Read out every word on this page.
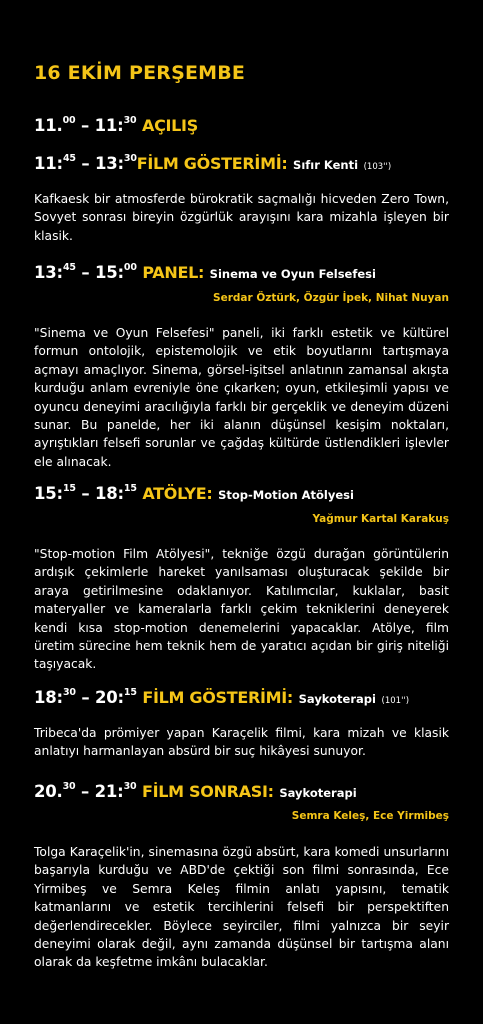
16 EKİM PERŞEMBE
11.00 – 11:$^{30}$ AÇILIŞ
11:$^{45}$ – 13:$^{30}$FİLM GÖSTERİMİ: Sıfır Kenti (103'')

Kafkaesk bir atmosferde bürokratik saçmalığı hicveden Zero Town, Sovyet sonrası bireyin özgürlük arayışını kara mizahla işleyen bir klasik.

13:$^{45}$ – 15:$^{00}$ PANEL: Sinema ve Oyun Felsefesi
Serdar Öztürk, Özgür İpek, Nihat Nuyan

"Sinema ve Oyun Felsefesi" paneli, iki farklı estetik ve kültürel formun ontolojik, epistemolojik ve etik boyutlarını tartışmaya açmayı amaçlıyor. Sinema, görsel-işitsel anlatının zamansal akışta kurduğu anlam evreniyle öne çıkarken; oyun, etkileşimli yapısı ve oyuncu deneyimi aracılığıyla farklı bir gerçeklik ve deneyim düzeni sunar. Bu panelde, her iki alanın düşünsel kesişim noktaları, ayrıştıkları felsefi sorunlar ve çağdaş kültürde üstlendikleri işlevler ele alınacak.

15:$^{15}$ – 18:$^{15}$ ATÖLYE: Stop-Motion Atölyesi
Yağmur Kartal Karakuş

"Stop-motion Film Atölyesi", tekniğe özgü durağan görüntülerin ardışık çekimlerle hareket yanılsaması oluşturacak şekilde bir araya getirilmesine odaklanıyor. Katılımcılar, kuklalar, basit materyaller ve kameralarla farklı çekim tekniklerini deneyerek kendi kısa stop-motion denemelerini yapacaklar. Atölye, film üretim sürecine hem teknik hem de yaratıcı açıdan bir giriş niteliği taşıyacak.

18:$^{30}$ – 20:$^{15}$ FİLM GÖSTERİMİ: Saykoterapi (101'')

Tribeca'da prömiyer yapan Karaçelik filmi, kara mizah ve klasik anlatıyı harmanlayan absürd bir suç hikâyesi sunuyor.

20.30 – 21:$^{30}$ FİLM SONRASI: Saykoterapi
Semra Keleş, Ece Yirmibeş

Tolga Karaçelik'in, sinemasına özgü absürt, kara komedi unsurlarını başarıyla kurduğu ve ABD'de çektiği son filmi sonrasında, Ece Yirmibeş ve Semra Keleş filmin anlatı yapısını, tematik katmanlarını ve estetik tercihlerini felsefi bir perspektiften değerlendirecekler. Böylece seyirciler, filmi yalnızca bir seyir deneyimi olarak değil, aynı zamanda düşünsel bir tartışma alanı olarak da keşfetme imkânı bulacaklar.
